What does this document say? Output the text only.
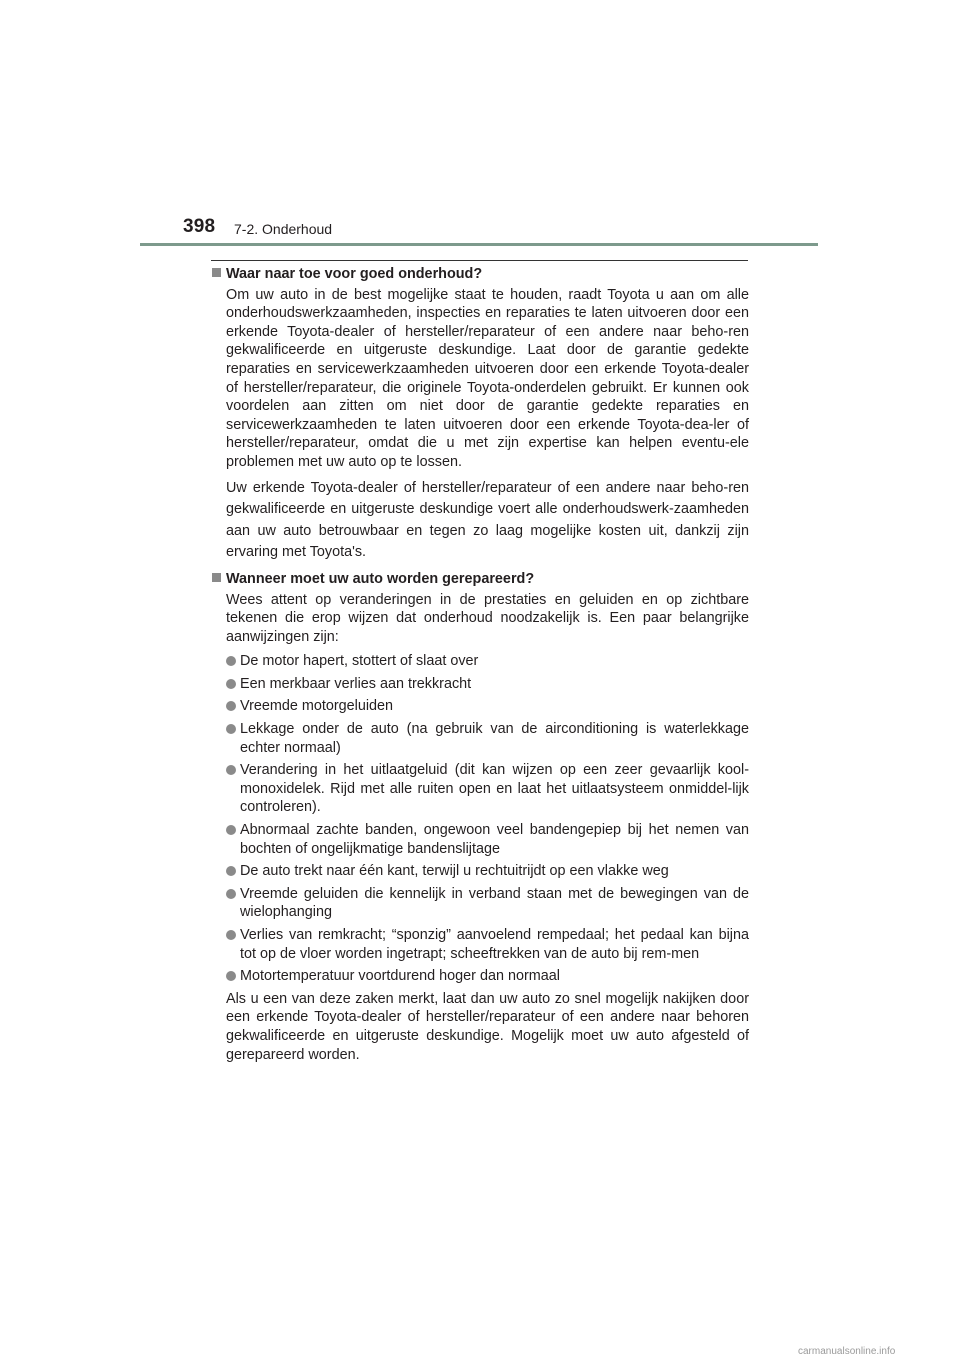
398 7-2. Onderhoud
Waar naar toe voor goed onderhoud?

Om uw auto in de best mogelijke staat te houden, raadt Toyota u aan om alle onderhoudswerkzaamheden, inspecties en reparaties te laten uitvoeren door een erkende Toyota-dealer of hersteller/reparateur of een andere naar beho-ren gekwalificeerde en uitgeruste deskundige. Laat door de garantie gedekte reparaties en servicewerkzaamheden uitvoeren door een erkende Toyota-dealer of hersteller/reparateur, die originele Toyota-onderdelen gebruikt. Er kunnen ook voordelen aan zitten om niet door de garantie gedekte reparaties en servicewerkzaamheden te laten uitvoeren door een erkende Toyota-dea-ler of hersteller/reparateur, omdat die u met zijn expertise kan helpen eventu-ele problemen met uw auto op te lossen.

Uw erkende Toyota-dealer of hersteller/reparateur of een andere naar beho-ren gekwalificeerde en uitgeruste deskundige voert alle onderhoudswerk-zaamheden aan uw auto betrouwbaar en tegen zo laag mogelijke kosten uit, dankzij zijn ervaring met Toyota's.

Wanneer moet uw auto worden gerepareerd?

Wees attent op veranderingen in de prestaties en geluiden en op zichtbare tekenen die erop wijzen dat onderhoud noodzakelijk is. Een paar belangrijke aanwijzingen zijn:

De motor hapert, stottert of slaat over
Een merkbaar verlies aan trekkracht
Vreemde motorgeluiden
Lekkage onder de auto (na gebruik van de airconditioning is waterlekkage echter normaal)
Verandering in het uitlaatgeluid (dit kan wijzen op een zeer gevaarlijk kool-monoxidelek. Rijd met alle ruiten open en laat het uitlaatsysteem onmiddel-lijk controleren).
Abnormaal zachte banden, ongewoon veel bandengepiep bij het nemen van bochten of ongelijkmatige bandenslijtage
De auto trekt naar één kant, terwijl u rechtuitrijdt op een vlakke weg
Vreemde geluiden die kennelijk in verband staan met de bewegingen van de wielophanging
Verlies van remkracht; “sponzig” aanvoelend rempedaal; het pedaal kan bijna tot op de vloer worden ingetrapt; scheeftrekken van de auto bij rem-men
Motortemperatuur voortdurend hoger dan normaal

Als u een van deze zaken merkt, laat dan uw auto zo snel mogelijk nakijken door een erkende Toyota-dealer of hersteller/reparateur of een andere naar behoren gekwalificeerde en uitgeruste deskundige. Mogelijk moet uw auto afgesteld of gerepareerd worden.

carmanualsonline.info
